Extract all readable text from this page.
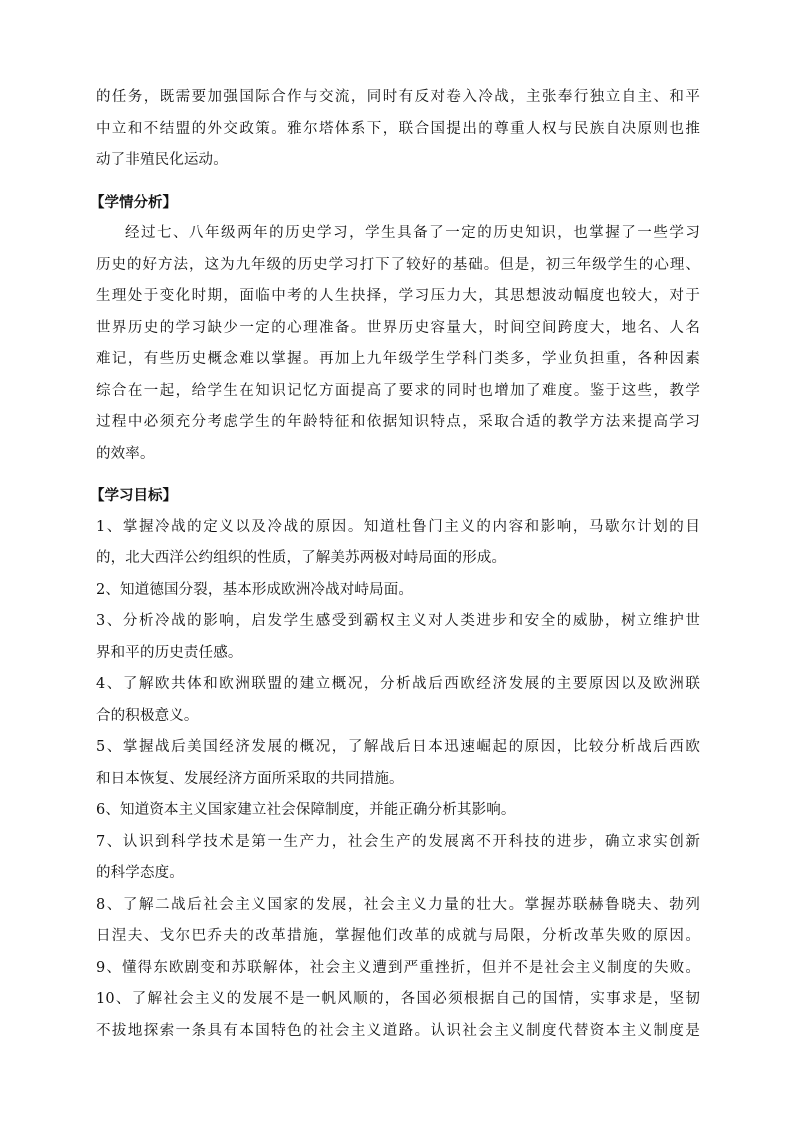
的任务，既需要加强国际合作与交流，同时有反对卷入冷战，主张奉行独立自主、和平
中立和不结盟的外交政策。雅尔塔体系下，联合国提出的尊重人权与民族自决原则也推
动了非殖民化运动。
【学情分析】
经过七、八年级两年的历史学习，学生具备了一定的历史知识，也掌握了一些学习
历史的好方法，这为九年级的历史学习打下了较好的基础。但是，初三年级学生的心理、
生理处于变化时期，面临中考的人生抉择，学习压力大，其思想波动幅度也较大，对于
世界历史的学习缺少一定的心理准备。世界历史容量大，时间空间跨度大，地名、人名
难记，有些历史概念难以掌握。再加上九年级学生学科门类多，学业负担重，各种因素
综合在一起，给学生在知识记忆方面提高了要求的同时也增加了难度。鉴于这些，教学
过程中必须充分考虑学生的年龄特征和依据知识特点，采取合适的教学方法来提高学习
的效率。
【学习目标】
1、掌握冷战的定义以及冷战的原因。知道杜鲁门主义的内容和影响，马歇尔计划的目
的，北大西洋公约组织的性质，了解美苏两极对峙局面的形成。
2、知道德国分裂，基本形成欧洲冷战对峙局面。
3、分析冷战的影响，启发学生感受到霸权主义对人类进步和安全的威胁，树立维护世
界和平的历史责任感。
4、了解欧共体和欧洲联盟的建立概况，分析战后西欧经济发展的主要原因以及欧洲联
合的积极意义。
5、掌握战后美国经济发展的概况，了解战后日本迅速崛起的原因，比较分析战后西欧
和日本恢复、发展经济方面所采取的共同措施。
6、知道资本主义国家建立社会保障制度，并能正确分析其影响。
7、认识到科学技术是第一生产力，社会生产的发展离不开科技的进步，确立求实创新
的科学态度。
8、了解二战后社会主义国家的发展，社会主义力量的壮大。掌握苏联赫鲁晓夫、勃列
日涅夫、戈尔巴乔夫的改革措施，掌握他们改革的成就与局限，分析改革失败的原因。
9、懂得东欧剧变和苏联解体，社会主义遭到严重挫折，但并不是社会主义制度的失败。
10、了解社会主义的发展不是一帆风顺的，各国必须根据自己的国情，实事求是，坚韧
不拔地探索一条具有本国特色的社会主义道路。认识社会主义制度代替资本主义制度是
